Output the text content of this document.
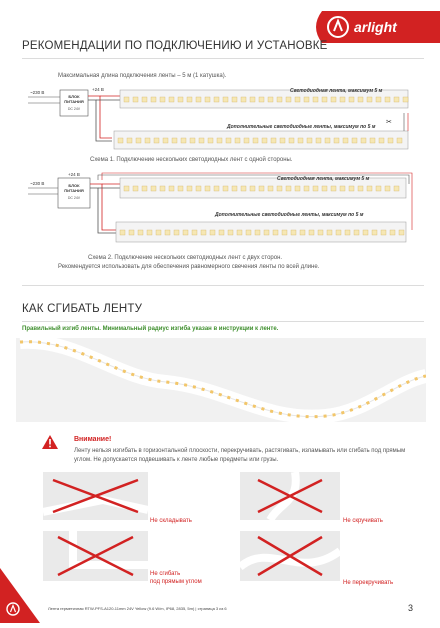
arlight
РЕКОМЕНДАЦИИ ПО ПОДКЛЮЧЕНИЮ И УСТАНОВКЕ
Максимальная длина подключения ленты – 5 м (1 катушка).
~230 В
БЛОК
ПИТАНИЯ
DC 24V
+24 В
✂
Светодиодная лента, максимум 5 м
Дополнительные светодиодные ленты, максимум по 5 м
Схема 1. Подключение нескольких светодиодных лент с одной стороны.
~230 В	БЛОК
ПИТАНИЯ
DC 24V
+24 В
Светодиодная лента, максимум 5 м
Дополнительные светодиодные ленты, максимум по 5 м
Схема 2. Подключение нескольких светодиодных лент с двух сторон.
Рекомендуется использовать для обеспечения равномерного свечения ленты по всей длине.
КАК СГИБАТЬ ЛЕНТУ
Правильный изгиб ленты. Минимальный радиус изгиба указан в инструкции к ленте.
Внимание!
Ленту нельзя изгибать в горизонтальной плоскости, перекручивать, растягивать, изламывать или сгибать под прямым углом. Не допускается подвешивать к ленте любые предметы или грузы.
Не складывать	Не скручивать
Не сгибать
под прямым углом	Не перекручивать
Лента герметичная RTW-PFS-A120-11mm 24V Yellow (9.6 W/m, IP68, 2835, 5m) | страница 3 из 6	3
